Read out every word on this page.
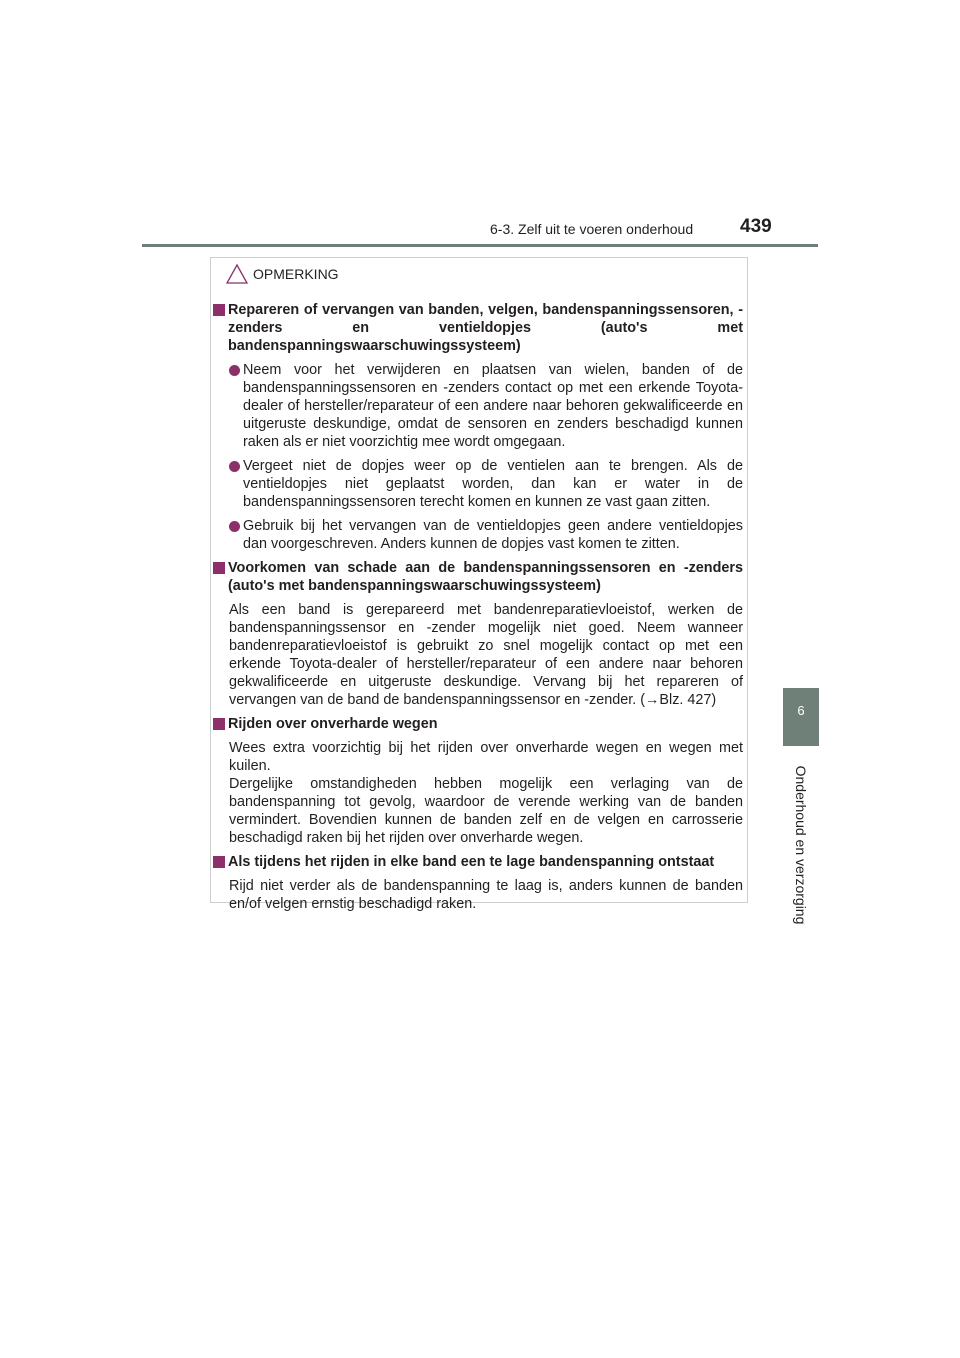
6-3. Zelf uit te voeren onderhoud 439
6
Onderhoud en verzorging
OPMERKING
Repareren of vervangen van banden, velgen, bandenspanningssensoren, -zenders en ventieldopjes (auto's met bandenspanningswaarschuwingssysteem)
Neem voor het verwijderen en plaatsen van wielen, banden of de bandenspanningssensoren en -zenders contact op met een erkende Toyota-dealer of hersteller/reparateur of een andere naar behoren gekwalificeerde en uitgeruste deskundige, omdat de sensoren en zenders beschadigd kunnen raken als er niet voorzichtig mee wordt omgegaan.
Vergeet niet de dopjes weer op de ventielen aan te brengen. Als de ventieldopjes niet geplaatst worden, dan kan er water in de bandenspanningssensoren terecht komen en kunnen ze vast gaan zitten.
Gebruik bij het vervangen van de ventieldopjes geen andere ventieldopjes dan voorgeschreven. Anders kunnen de dopjes vast komen te zitten.
Voorkomen van schade aan de bandenspanningssensoren en -zenders (auto's met bandenspanningswaarschuwingssysteem)
Als een band is gerepareerd met bandenreparatievloeistof, werken de bandenspanningssensor en -zender mogelijk niet goed. Neem wanneer bandenreparatievloeistof is gebruikt zo snel mogelijk contact op met een erkende Toyota-dealer of hersteller/reparateur of een andere naar behoren gekwalificeerde en uitgeruste deskundige. Vervang bij het repareren of vervangen van de band de bandenspanningssensor en -zender. (→Blz. 427)
Rijden over onverharde wegen
Wees extra voorzichtig bij het rijden over onverharde wegen en wegen met kuilen.
Dergelijke omstandigheden hebben mogelijk een verlaging van de bandenspanning tot gevolg, waardoor de verende werking van de banden vermindert. Bovendien kunnen de banden zelf en de velgen en carrosserie beschadigd raken bij het rijden over onverharde wegen.
Als tijdens het rijden in elke band een te lage bandenspanning ontstaat
Rijd niet verder als de bandenspanning te laag is, anders kunnen de banden en/of velgen ernstig beschadigd raken.
